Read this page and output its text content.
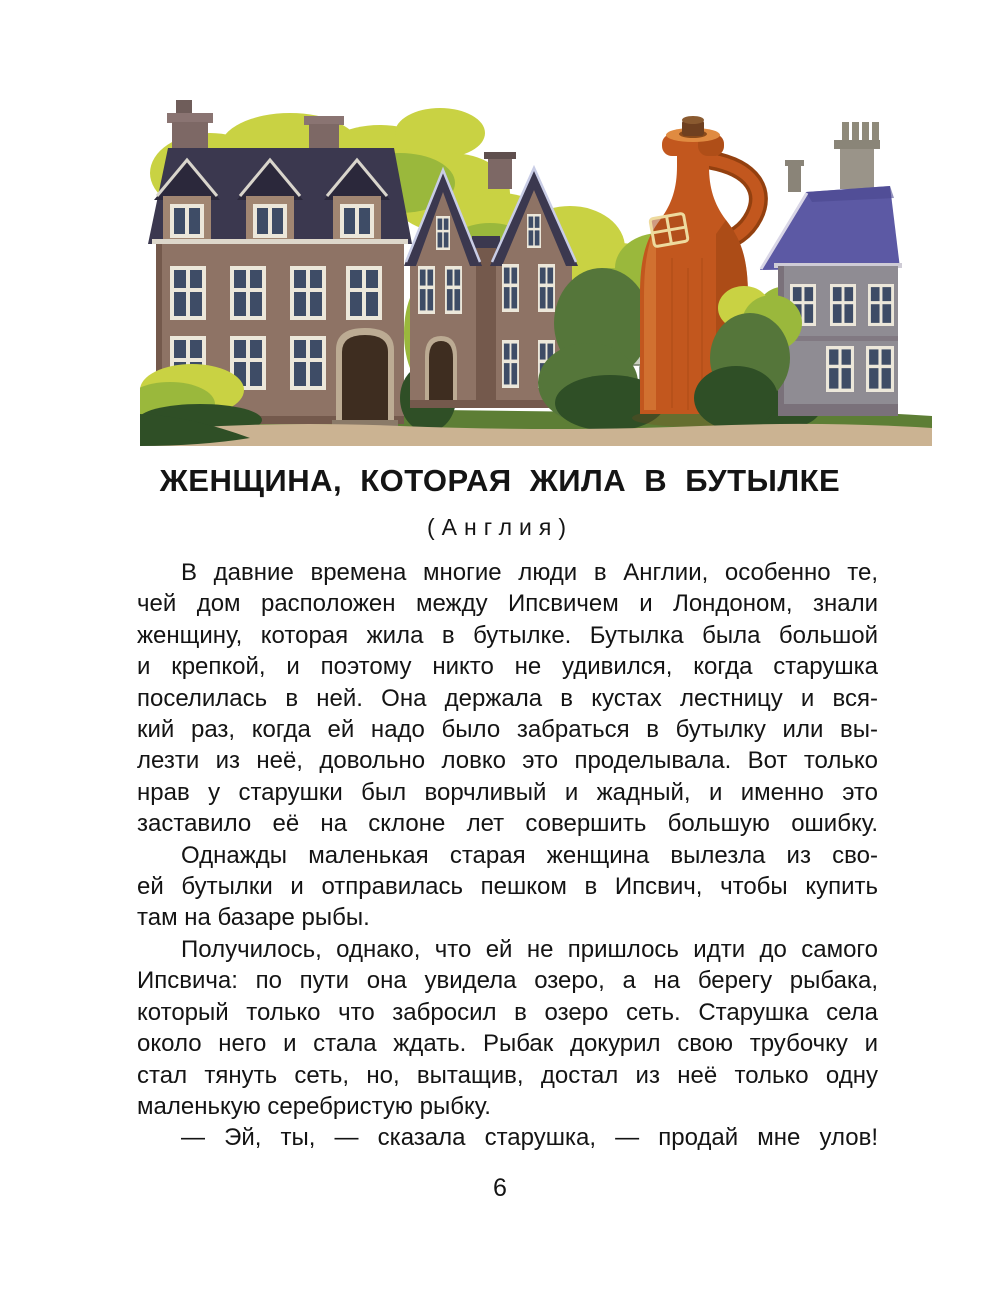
ЖЕНЩИНА, КОТОРАЯ ЖИЛА В БУТЫЛКЕ
(Англия)
В давние времена многие люди в Англии, особенно те,
чей дом расположен между Ипсвичем и Лондоном, знали
женщину, которая жила в бутылке. Бутылка была большой
и крепкой, и поэтому никто не удивился, когда старушка
поселилась в ней. Она держала в кустах лестницу и вся-
кий раз, когда ей надо было забраться в бутылку или вы-
лезти из неё, довольно ловко это проделывала. Вот только
нрав у старушки был ворчливый и жадный, и именно это
заставило её на склоне лет совершить большую ошибку.
Однажды маленькая старая женщина вылезла из сво-
ей бутылки и отправилась пешком в Ипсвич, чтобы купить
там на базаре рыбы.
Получилось, однако, что ей не пришлось идти до самого
Ипсвича: по пути она увидела озеро, а на берегу рыбака,
который только что забросил в озеро сеть. Старушка села
около него и стала ждать. Рыбак докурил свою трубочку и
стал тянуть сеть, но, вытащив, достал из неё только одну
маленькую серебристую рыбку.
— Эй, ты, — сказала старушка, — продай мне улов!
6
